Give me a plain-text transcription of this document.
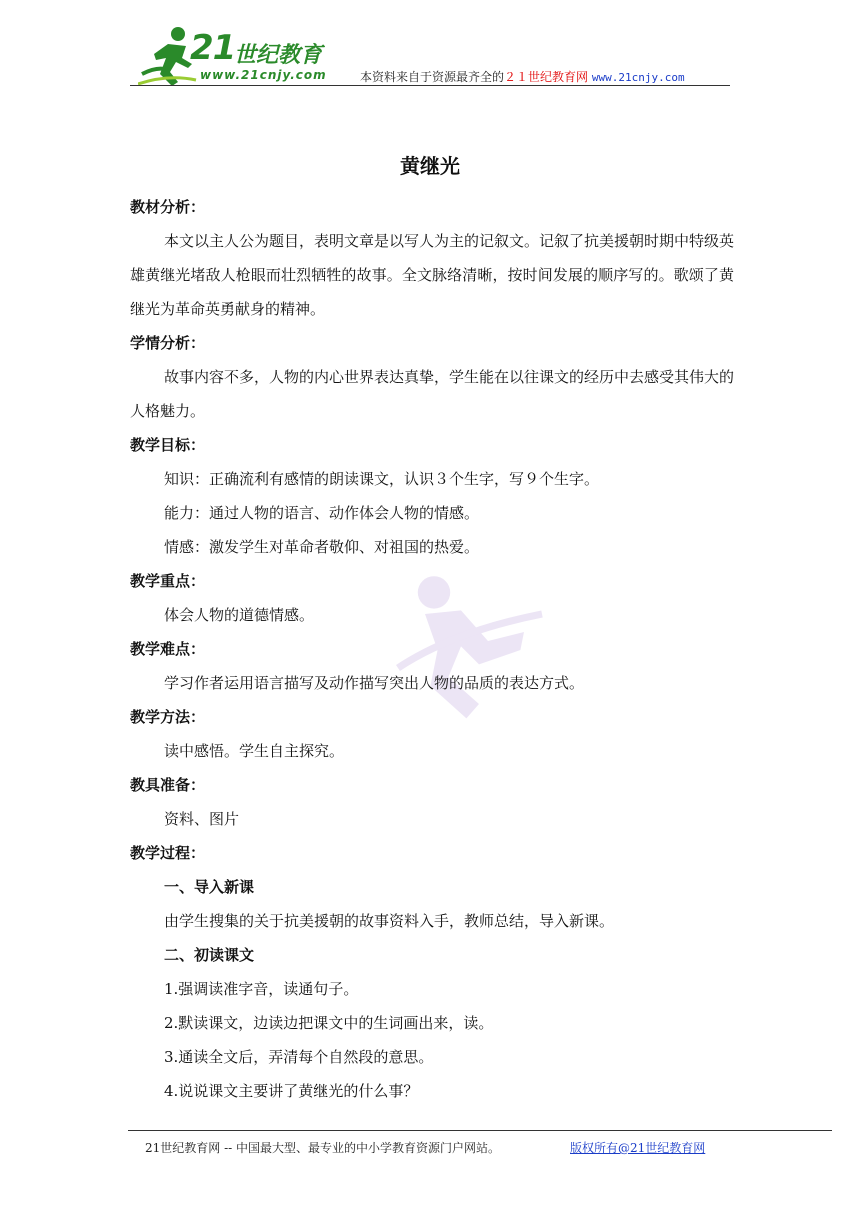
21
世纪教育
www.21cnjy.com	本资料来自于资源最齐全的２１世纪教育网 www.21cnjy.com
黄继光
教材分析：
本文以主人公为题目，表明文章是以写人为主的记叙文。记叙了抗美援朝时期中特级英雄黄继光堵敌人枪眼而壮烈牺牲的故事。全文脉络清晰，按时间发展的顺序写的。歌颂了黄继光为革命英勇献身的精神。
学情分析：
故事内容不多，人物的内心世界表达真挚，学生能在以往课文的经历中去感受其伟大的人格魅力。
教学目标：
知识：正确流利有感情的朗读课文，认识３个生字，写９个生字。
能力：通过人物的语言、动作体会人物的情感。
情感：激发学生对革命者敬仰、对祖国的热爱。
教学重点：
体会人物的道德情感。
教学难点：
学习作者运用语言描写及动作描写突出人物的品质的表达方式。
教学方法：
读中感悟。学生自主探究。
教具准备：
资料、图片
教学过程：
一、导入新课
由学生搜集的关于抗美援朝的故事资料入手，教师总结，导入新课。
二、初读课文
1.强调读准字音，读通句子。
2.默读课文，边读边把课文中的生词画出来，读。
3.通读全文后，弄清每个自然段的意思。
4.说说课文主要讲了黄继光的什么事？
21世纪教育网 -- 中国最大型、最专业的中小学教育资源门户网站。	版权所有@21世纪教育网
